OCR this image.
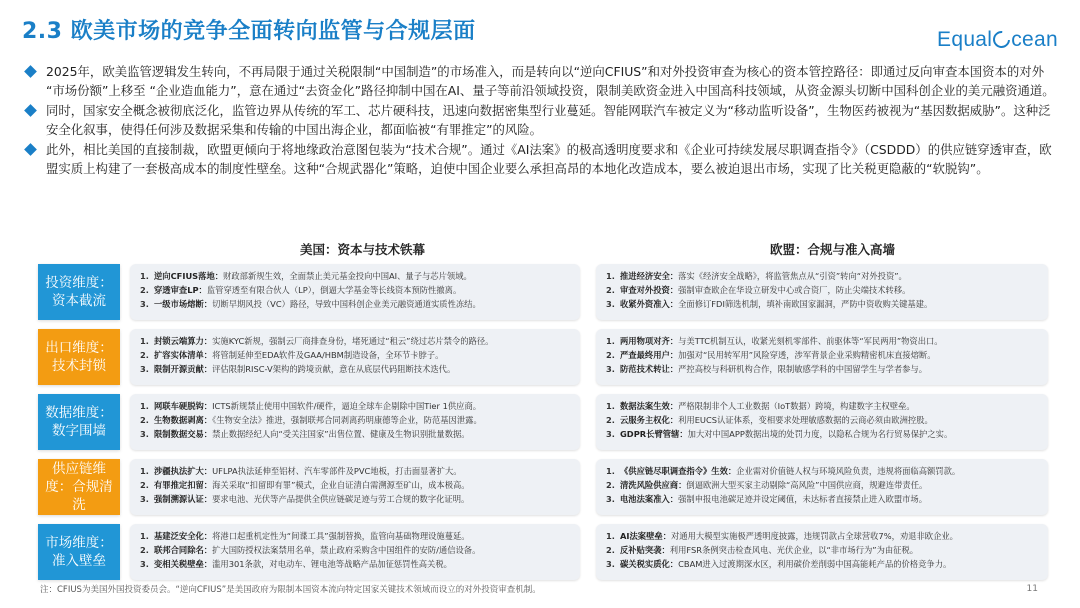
2.3 欧美市场的竞争全面转向监管与合规层面	Equal cean
2025年，欧美监管逻辑发生转向，不再局限于通过关税限制“中国制造”的市场准入，而是转向以“逆向CFIUS”和对外投资审查为核心的资本管控路径：即通过反向审查本国资本的对外 “市场份额”上移至 “企业造血能力”，意在通过“去资金化”路径抑制中国在AI、量子等前沿领域投资，限制美欧资金进入中国高科技领域，从资金源头切断中国科创企业的美元融资通道。
同时，国家安全概念被彻底泛化，监管边界从传统的军工、芯片硬科技，迅速向数据密集型行业蔓延。智能网联汽车被定义为“移动监听设备”，生物医药被视为“基因数据威胁”。这种泛安全化叙事，使得任何涉及数据采集和传输的中国出海企业，都面临被“有罪推定”的风险。
此外，相比美国的直接制裁，欧盟更倾向于将地缘政治意图包装为“技术合规”。通过《AI法案》的极高透明度要求和《企业可持续发展尽职调查指令》（CSDDD）的供应链穿透审查，欧盟实质上构建了一套极高成本的制度性壁垒。这种“合规武器化”策略，迫使中国企业要么承担高昂的本地化改造成本，要么被迫退出市场，实现了比关税更隐蔽的“软脱钩”。
美国：资本与技术铁幕	欧盟：合规与准入高墙
投资维度：资本截流
1. 逆向CFIUS落地：财政部新规生效，全面禁止美元基金投向中国AI、量子与芯片领域。
2. 穿透审查LP：监管穿透至有限合伙人（LP），倒逼大学基金等长线资本预防性撤离。
3. 一级市场熔断：切断早期风投（VC）路径，导致中国科创企业美元融资通道实质性冻结。
1. 推进经济安全：落实《经济安全战略》，将监管焦点从“引资”转向“对外投资”。
2. 审查对外投资：强制审查欧企在华设立研发中心或合资厂，防止尖端技术转移。
3. 收紧外资准入：全面修订FDI筛选机制，填补南欧国家漏洞，严防中资收购关键基建。
出口维度：技术封锁
1. 封锁云端算力：实施KYC新规，强制云厂商排查身份，堵死通过“租云”绕过芯片禁令的路径。
2. 扩容实体清单：将管制延伸至EDA软件及GAA/HBM制造设备，全环节卡脖子。
3. 限制开源贡献：评估限制RISC-V架构的跨境贡献，意在从底层代码阻断技术迭代。
1. 两用物项对齐：与美TTC机制互认，收紧光刻机零部件、前驱体等“军民两用”物资出口。
2. 严查最终用户：加强对“民用转军用”风险穿透，涉军背景企业采购精密机床直接熔断。
3. 防范技术转让：严控高校与科研机构合作，限制敏感学科的中国留学生与学者参与。
数据维度：数字围墙
1. 网联车硬脱钩：ICTS新规禁止使用中国软件/硬件，逼迫全球车企剔除中国Tier 1供应商。
2. 生物数据剥离：《生物安全法》推进，强制联邦合同剥离药明康德等企业，防范基因泄露。
3. 限制数据交易：禁止数据经纪人向“受关注国家”出售位置、健康及生物识别批量数据。
1. 数据法案生效：严格限制非个人工业数据（IoT数据）跨境，构建数字主权壁垒。
2. 云服务主权化：利用EUCS认证体系，变相要求处理敏感数据的云商必须由欧洲控股。
3. GDPR长臂管辖：加大对中国APP数据出境的处罚力度，以隐私合规为名行贸易保护之实。
供应链维度：合规清洗
1. 涉疆执法扩大：UFLPA执法延伸至铝材、汽车零部件及PVC地板，打击面显著扩大。
2. 有罪推定扣留：海关采取“扣留即有罪”模式，企业自证清白需溯源至矿山，成本极高。
3. 强制溯源认证：要求电池、光伏等产品提供全供应链碳足迹与劳工合规的数字化证明。
1. 《供应链尽职调查指令》生效：企业需对价值链人权与环境风险负责，违规将面临高额罚款。
2. 清洗风险供应商：倒逼欧洲大型买家主动剔除“高风险”中国供应商，规避连带责任。
3. 电池法案准入：强制申报电池碳足迹并设定阈值，未达标者直接禁止进入欧盟市场。
市场维度：准入壁垒
1. 基建泛安全化：将港口起重机定性为“间谍工具”强制替换，监管向基础物理设施蔓延。
2. 联邦合同除名：扩大国防授权法案禁用名单，禁止政府采购含中国组件的安防/通信设备。
3. 变相关税壁垒：滥用301条款，对电动车、锂电池等战略产品加征惩罚性高关税。
1. AI法案壁垒：对通用大模型实施极严透明度披露，违规罚款占全球营收7%，劝退非欧企业。
2. 反补贴突袭：利用FSR条例突击检查风电、光伏企业，以“非市场行为”为由征税。
3. 碳关税实质化：CBAM进入过渡期深水区，利用碳价差削弱中国高能耗产品的价格竞争力。
注：CFIUS为美国外国投资委员会。“逆向CFIUS”是美国政府为限制本国资本流向特定国家关键技术领域而设立的对外投资审查机制。	11
